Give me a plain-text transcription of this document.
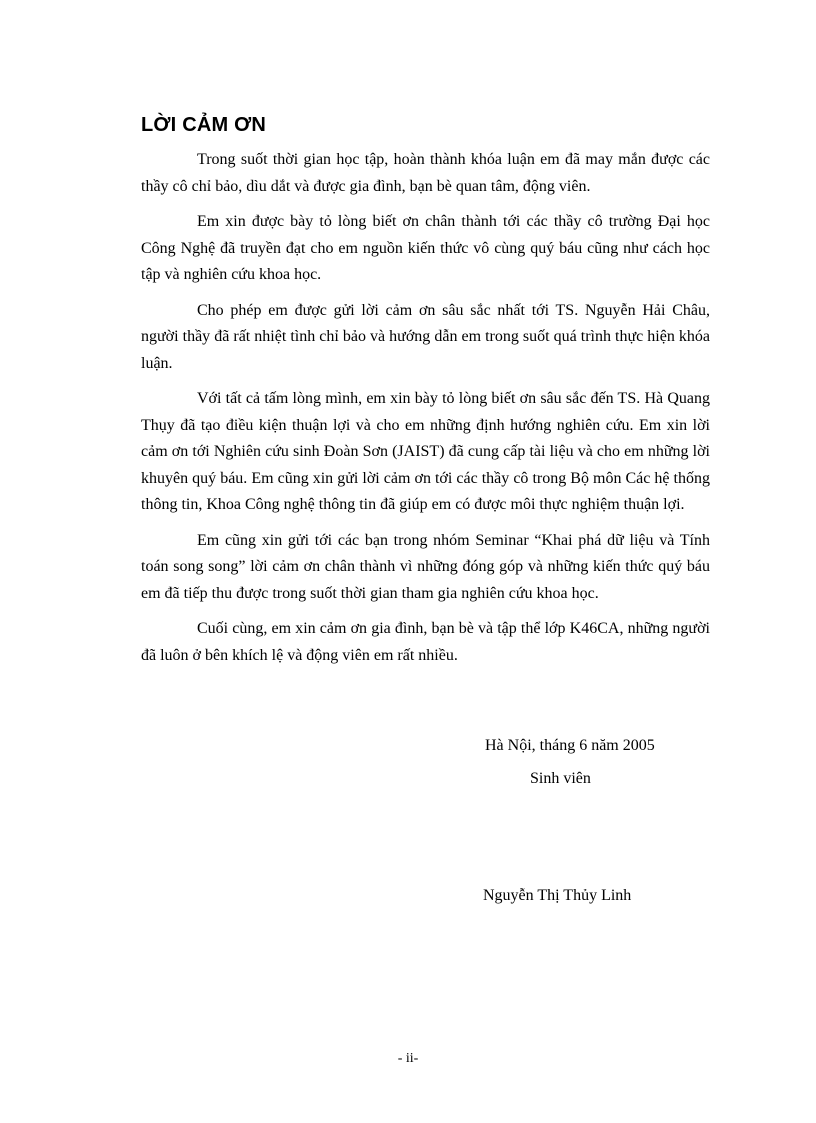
LỜI CẢM ƠN

Trong suốt thời gian học tập, hoàn thành khóa luận em đã may mắn được các thầy cô chỉ bảo, dìu dắt và được gia đình, bạn bè quan tâm, động viên.

Em xin được bày tỏ lòng biết ơn chân thành tới các thầy cô trường Đại học Công Nghệ đã truyền đạt cho em nguồn kiến thức vô cùng quý báu cũng như cách học tập và nghiên cứu khoa học.

Cho phép em được gửi lời cảm ơn sâu sắc nhất tới TS. Nguyễn Hải Châu, người thầy đã rất nhiệt tình chỉ bảo và hướng dẫn em trong suốt quá trình thực hiện khóa luận.

Với tất cả tấm lòng mình, em xin bày tỏ lòng biết ơn sâu sắc đến TS. Hà Quang Thụy đã tạo điều kiện thuận lợi và cho em những định hướng nghiên cứu. Em xin lời cảm ơn tới Nghiên cứu sinh Đoàn Sơn (JAIST) đã cung cấp tài liệu và cho em những lời khuyên quý báu. Em cũng xin gửi lời cảm ơn tới các thầy cô trong Bộ môn Các hệ thống thông tin, Khoa Công nghệ thông tin đã giúp em có được môi thực nghiệm thuận lợi.

Em cũng xin gửi tới các bạn trong nhóm Seminar “Khai phá dữ liệu và Tính toán song song” lời cảm ơn chân thành vì những đóng góp và những kiến thức quý báu em đã tiếp thu được trong suốt thời gian tham gia nghiên cứu khoa học.

Cuối cùng, em xin cảm ơn gia đình, bạn bè và tập thể lớp K46CA, những người đã luôn ở bên khích lệ và động viên em rất nhiều.

Hà Nội, tháng 6 năm 2005
Sinh viên
Nguyễn Thị Thủy Linh
- ii-
